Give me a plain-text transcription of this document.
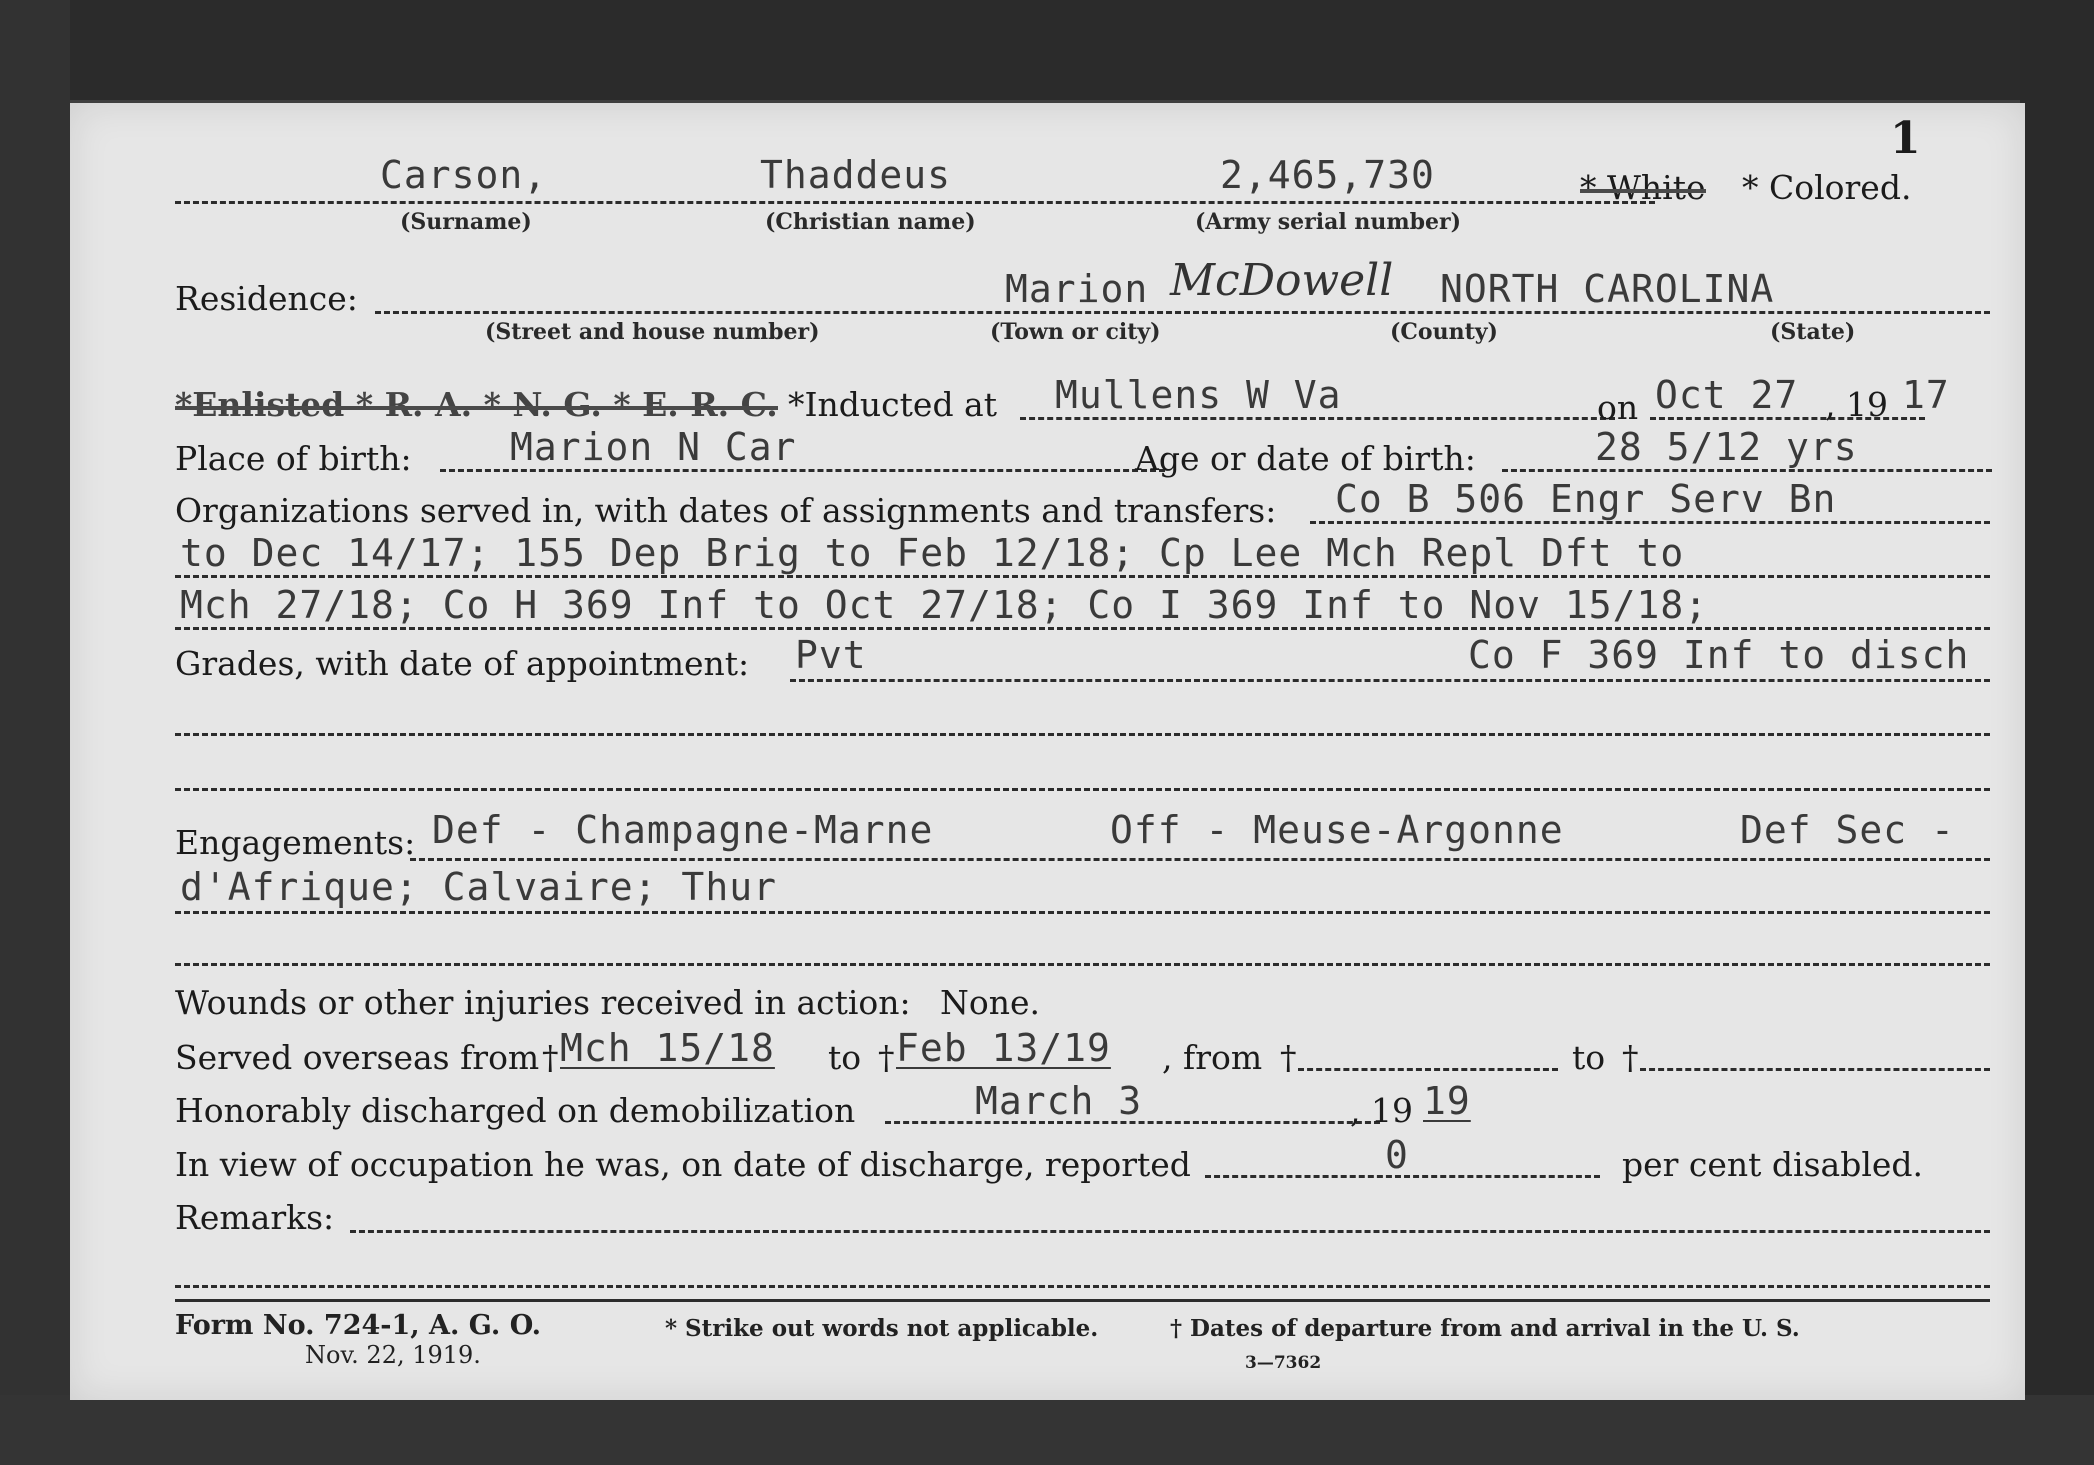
1
Carson,	Thaddeus	2,465,730	* White * Colored.
(Surname)	(Christian name)	(Army serial number)
Residence:	Marion McDowell NORTH CAROLINA
(Street and house number)	(Town or city)	(County)	(State)
*Enlisted * R. A. * N. G. * E. R. C. *Inducted at Mullens W Va	on Oct 27 , 19 17
Place of birth:	Marion N Car	Age or date of birth:	28 5/12 yrs
Organizations served in, with dates of assignments and transfers: Co B 506 Engr Serv Bn
to Dec 14/17; 155 Dep Brig to Feb 12/18; Cp Lee Mch Repl Dft to
Mch 27/18; Co H 369 Inf to Oct 27/18; Co I 369 Inf to Nov 15/18;
Grades, with date of appointment: Pvt	Co F 369 Inf to disch
Engagements: Def - Champagne-Marne	Off - Meuse-Argonne	Def Sec -
d'Afrique; Calvaire; Thur
Wounds or other injuries received in action: None.
Served overseas from † Mch 15/18 to † Feb 13/19 , from †	to †
Honorably discharged on demobilization	March 3	, 19 19
In view of occupation he was, on date of discharge, reported	0	per cent disabled.
Remarks:
Form No. 724-1, A. G. O.
Nov. 22, 1919.
* Strike out words not applicable.	† Dates of departure from and arrival in the U. S.
3—7362
